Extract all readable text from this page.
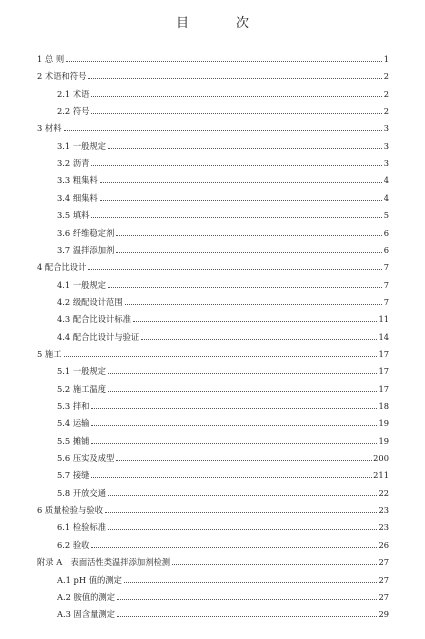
目　次
1 总 则	1
2 术语和符号	2
2.1 术语	2
2.2 符号	2
3 材料	3
3.1 一般规定	3
3.2 沥青	3
3.3 粗集料	4
3.4 细集料	4
3.5 填料	5
3.6 纤维稳定剂	6
3.7 温拌添加剂	6
4 配合比设计	7
4.1 一般规定	7
4.2 级配设计范围	7
4.3 配合比设计标准	11
4.4 配合比设计与验证	14
5 施工	17
5.1 一般规定	17
5.2 施工温度	17
5.3 拌和	18
5.4 运输	19
5.5 摊铺	19
5.6 压实及成型	200
5.7 接缝	211
5.8 开放交通	22
6 质量检验与验收	23
6.1 检验标准	23
6.2 验收	26
附录 A　表面活性类温拌添加剂检测	27
A.1 pH 值的测定	27
A.2 胺值的测定	27
A.3 固含量测定	29
